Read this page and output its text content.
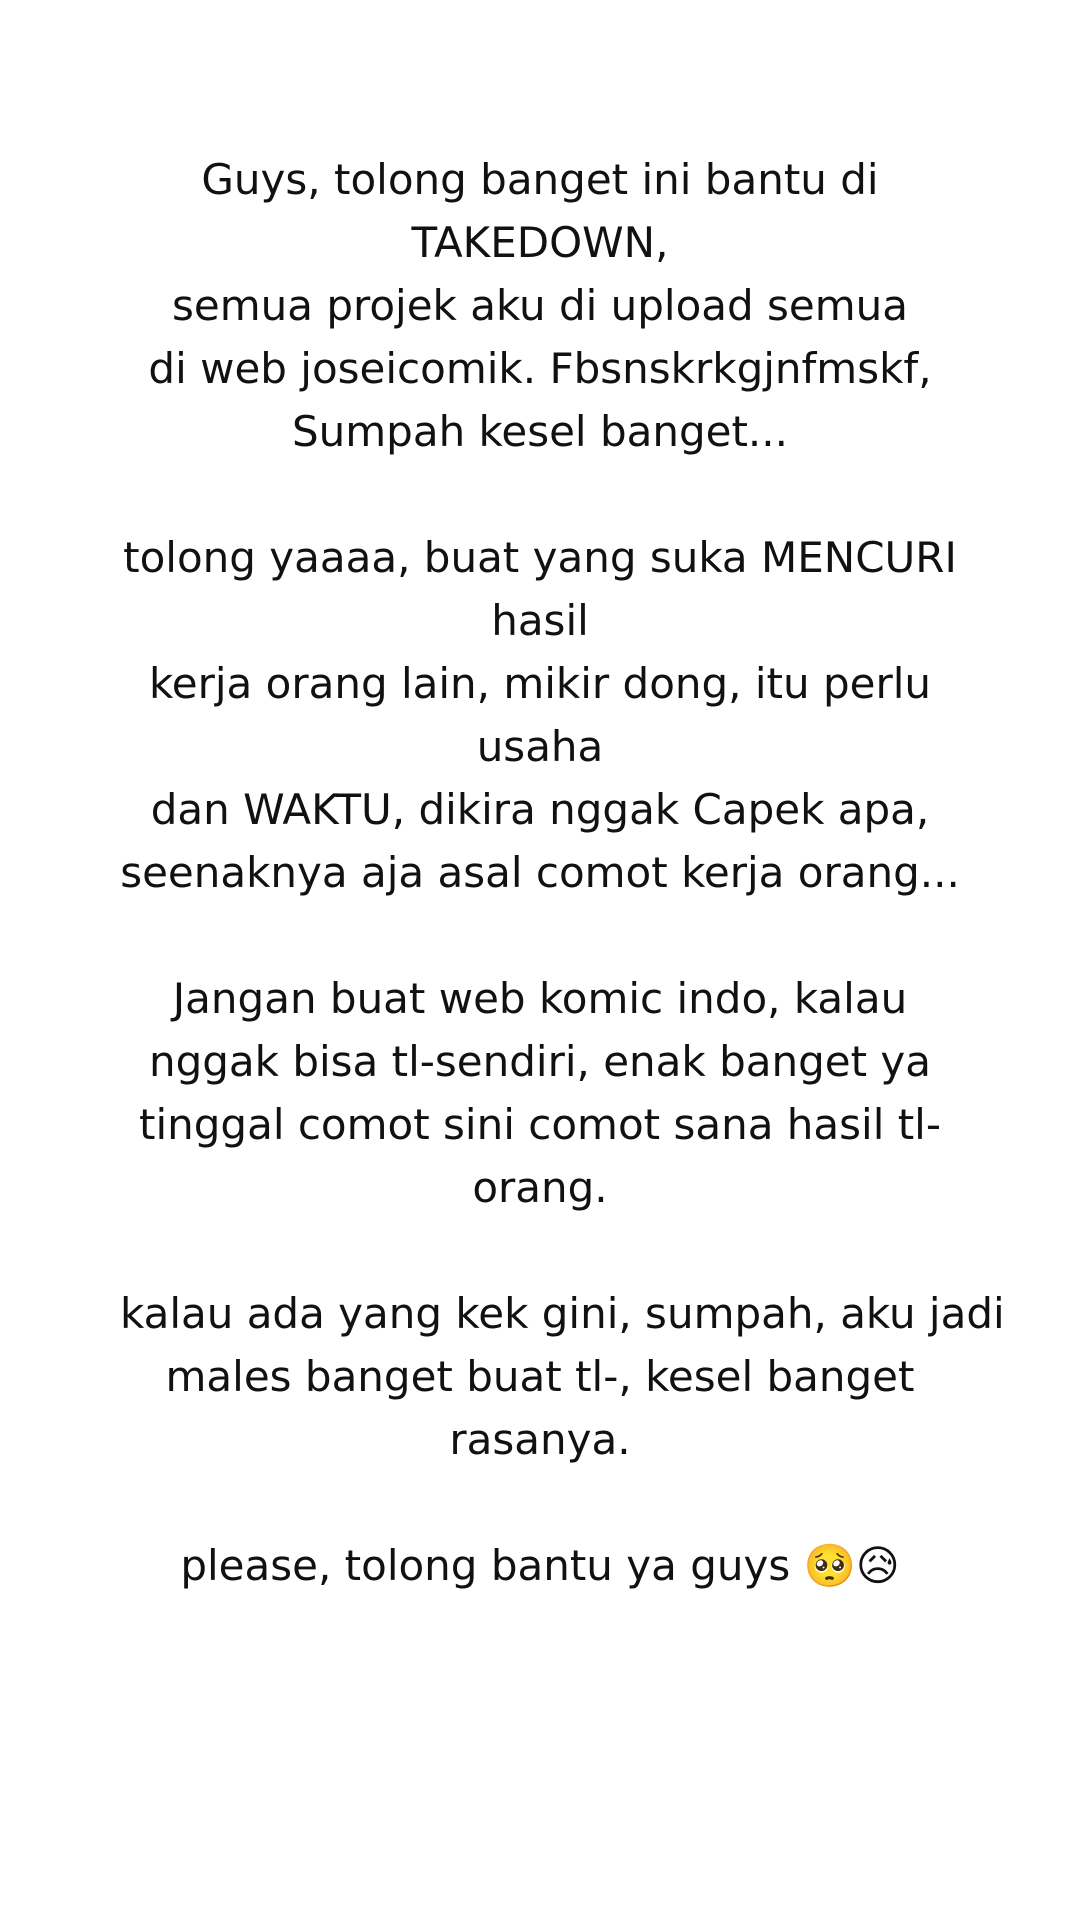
Guys, tolong banget ini bantu di
TAKEDOWN,
semua projek aku di upload semua
di web joseicomik. Fbsnskrkgjnfmskf,
Sumpah kesel banget...
tolong yaaaa, buat yang suka MENCURI
hasil
kerja orang lain, mikir dong, itu perlu
usaha
dan WAKTU, dikira nggak Capek apa,
seenaknya aja asal comot kerja orang...
Jangan buat web komic indo, kalau
nggak bisa tl-sendiri, enak banget ya
tinggal comot sini comot sana hasil tl-
orang.
kalau ada yang kek gini, sumpah, aku jadi
males banget buat tl-, kesel banget
rasanya.
please, tolong bantu ya guys 🥺😥
